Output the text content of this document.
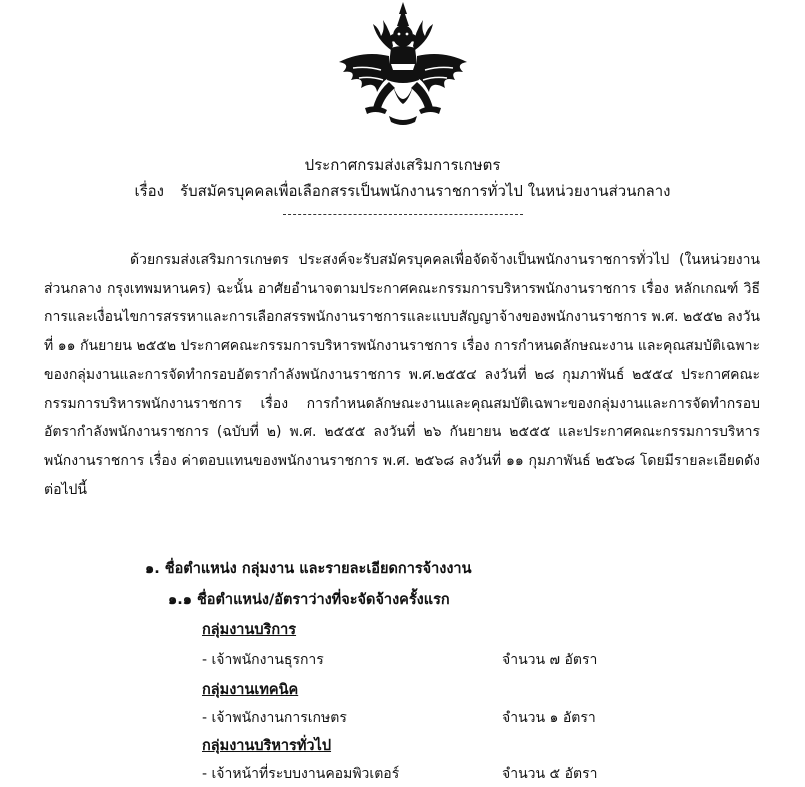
ประกาศกรมส่งเสริมการเกษตร
เรื่อง รับสมัครบุคคลเพื่อเลือกสรรเป็นพนักงานราชการทั่วไป ในหน่วยงานส่วนกลาง

ด้วยกรมส่งเสริมการเกษตร ประสงค์จะรับสมัครบุคคลเพื่อจัดจ้างเป็นพนักงานราชการทั่วไป (ในหน่วยงานส่วนกลาง กรุงเทพมหานคร) ฉะนั้น อาศัยอำนาจตามประกาศคณะกรรมการบริหารพนักงานราชการ เรื่อง หลักเกณฑ์ วิธีการและเงื่อนไขการสรรหาและการเลือกสรรพนักงานราชการและแบบสัญญาจ้างของพนักงานราชการ พ.ศ. ๒๕๕๒ ลงวันที่ ๑๑ กันยายน ๒๕๕๒ ประกาศคณะกรรมการบริหารพนักงานราชการ เรื่อง การกำหนดลักษณะงาน และคุณสมบัติเฉพาะของกลุ่มงานและการจัดทำกรอบอัตรากำลังพนักงานราชการ พ.ศ.๒๕๕๔ ลงวันที่ ๒๘ กุมภาพันธ์ ๒๕๕๔ ประกาศคณะกรรมการบริหารพนักงานราชการ เรื่อง การกำหนดลักษณะงานและคุณสมบัติเฉพาะของกลุ่มงานและการจัดทำกรอบอัตรากำลังพนักงานราชการ (ฉบับที่ ๒) พ.ศ. ๒๕๕๕ ลงวันที่ ๒๖ กันยายน ๒๕๕๕ และประกาศคณะกรรมการบริหารพนักงานราชการ เรื่อง ค่าตอบแทนของพนักงานราชการ พ.ศ. ๒๕๖๘ ลงวันที่ ๑๑ กุมภาพันธ์ ๒๕๖๘ โดยมีรายละเอียดดังต่อไปนี้

๑. ชื่อตำแหน่ง กลุ่มงาน และรายละเอียดการจ้างงาน
๑.๑ ชื่อตำแหน่ง/อัตราว่างที่จะจัดจ้างครั้งแรก
กลุ่มงานบริการ
- เจ้าพนักงานธุรการ	จำนวน ๗ อัตรา
กลุ่มงานเทคนิค
- เจ้าพนักงานการเกษตร	จำนวน ๑ อัตรา
กลุ่มงานบริหารทั่วไป
- เจ้าหน้าที่ระบบงานคอมพิวเตอร์	จำนวน ๕ อัตรา
